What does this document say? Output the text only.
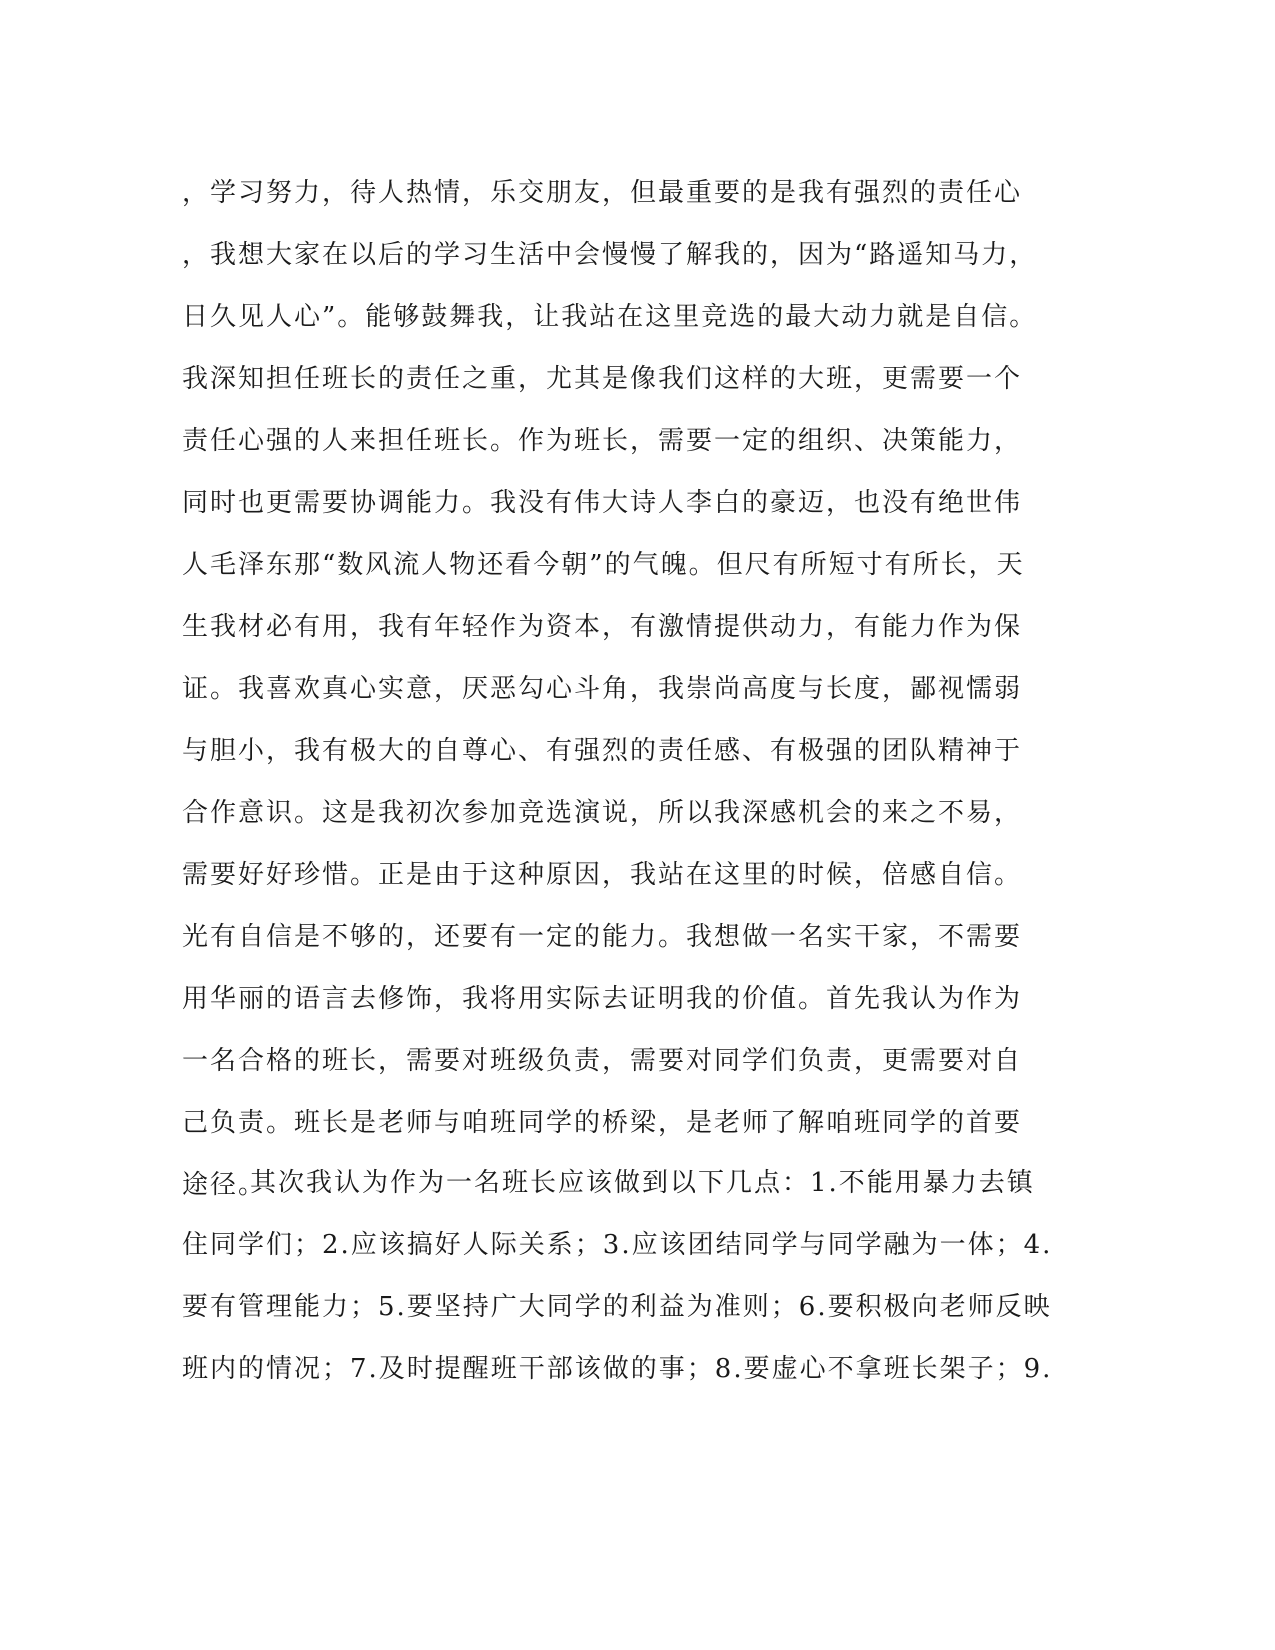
，学习努力，待人热情，乐交朋友，但最重要的是我有强烈的责任心
，我想大家在以后的学习生活中会慢慢了解我的，因为“路遥知马力，
日久见人心”。能够鼓舞我，让我站在这里竞选的最大动力就是自信。
我深知担任班长的责任之重，尤其是像我们这样的大班，更需要一个
责任心强的人来担任班长。作为班长，需要一定的组织、决策能力，
同时也更需要协调能力。我没有伟大诗人李白的豪迈，也没有绝世伟
人毛泽东那“数风流人物还看今朝”的气魄。但尺有所短寸有所长，天
生我材必有用，我有年轻作为资本，有激情提供动力，有能力作为保
证。我喜欢真心实意，厌恶勾心斗角，我崇尚高度与长度，鄙视懦弱
与胆小，我有极大的自尊心、有强烈的责任感、有极强的团队精神于
合作意识。这是我初次参加竞选演说，所以我深感机会的来之不易，
需要好好珍惜。正是由于这种原因，我站在这里的时候，倍感自信。
光有自信是不够的，还要有一定的能力。我想做一名实干家，不需要
用华丽的语言去修饰，我将用实际去证明我的价值。首先我认为作为
一名合格的班长，需要对班级负责，需要对同学们负责，更需要对自
己负责。班长是老师与咱班同学的桥梁，是老师了解咱班同学的首要
途径。
其次我认为作为一名班长应该做到以下几点：1.不能用暴力去镇
住同学们；2.应该搞好人际关系；3.应该团结同学与同学融为一体；4.
要有管理能力；5.要坚持广大同学的利益为准则；6.要积极向老师反映
班内的情况；7.及时提醒班干部该做的事；8.要虚心不拿班长架子；9.
